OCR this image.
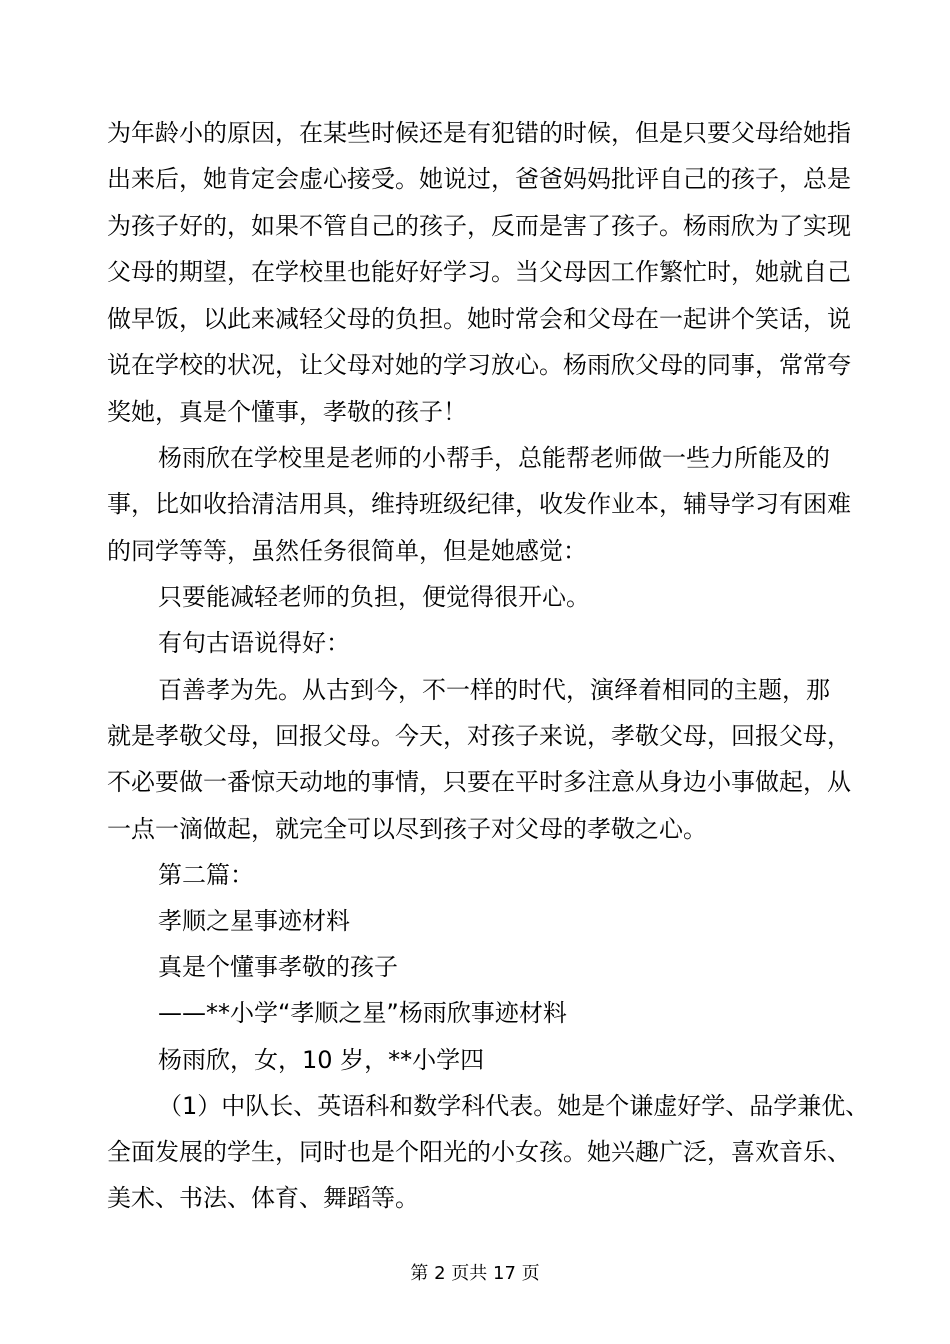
为年龄小的原因，在某些时候还是有犯错的时候，但是只要父母给她指

出来后，她肯定会虚心接受。她说过，爸爸妈妈批评自己的孩子，总是

为孩子好的，如果不管自己的孩子，反而是害了孩子。杨雨欣为了实现

父母的期望，在学校里也能好好学习。当父母因工作繁忙时，她就自己

做早饭，以此来减轻父母的负担。她时常会和父母在一起讲个笑话，说

说在学校的状况，让父母对她的学习放心。杨雨欣父母的同事，常常夸

奖她，真是个懂事，孝敬的孩子！

杨雨欣在学校里是老师的小帮手，总能帮老师做一些力所能及的

事，比如收拾清洁用具，维持班级纪律，收发作业本，辅导学习有困难

的同学等等，虽然任务很简单，但是她感觉：

只要能减轻老师的负担，便觉得很开心。

有句古语说得好：

百善孝为先。从古到今，不一样的时代，演绎着相同的主题，那

就是孝敬父母，回报父母。今天，对孩子来说，孝敬父母，回报父母，

不必要做一番惊天动地的事情，只要在平时多注意从身边小事做起，从

一点一滴做起，就完全可以尽到孩子对父母的孝敬之心。

第二篇：

孝顺之星事迹材料

真是个懂事孝敬的孩子

——**小学“孝顺之星”杨雨欣事迹材料

杨雨欣，女，10 岁，**小学四

（1）中队长、英语科和数学科代表。她是个谦虚好学、品学兼优、

全面发展的学生，同时也是个阳光的小女孩。她兴趣广泛，喜欢音乐、

美术、书法、体育、舞蹈等。

第 2 页共 17 页
